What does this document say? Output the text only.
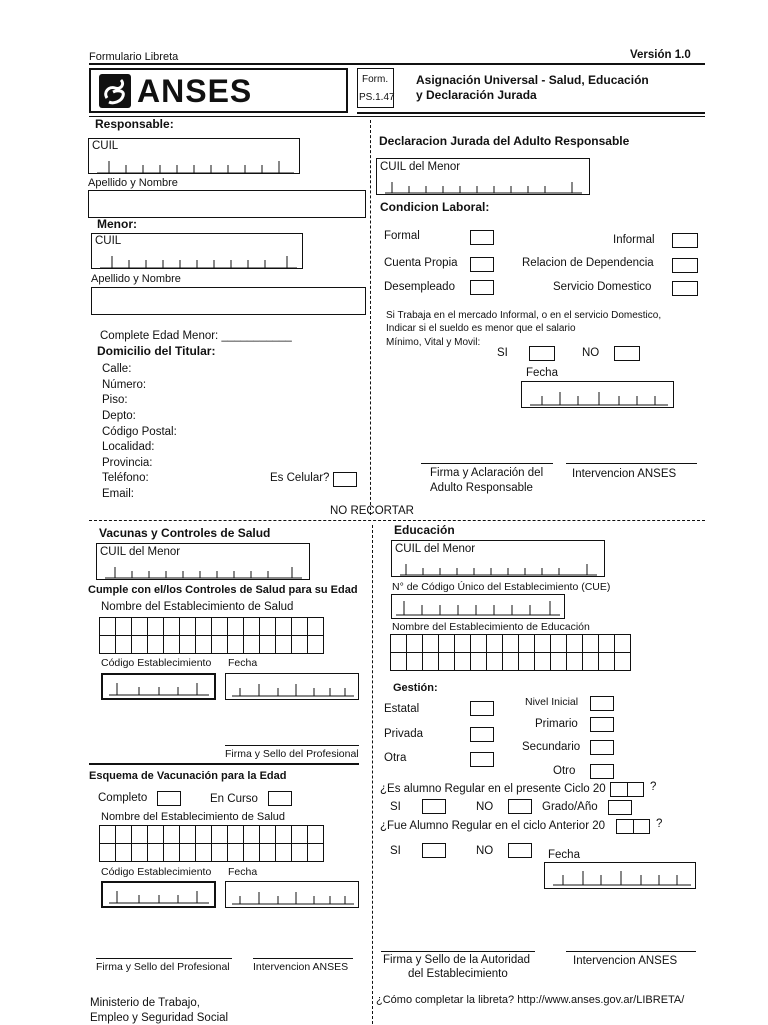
Formulario Libreta	Versión 1.0
ANSES	Form.
PS.1.47
Asignación Universal - Salud, Educación
y Declaración Jurada
NO RECORTAR
Responsable:
CUIL
Apellido y Nombre
Menor:
CUIL
Apellido y Nombre
Complete Edad Menor: ___________
Domicilio del Titular:
Calle:
Número:
Piso:
Depto:
Código Postal:
Localidad:
Provincia:
Teléfono:
Email:
Es Celular?
Declaracion Jurada del Adulto Responsable
CUIL del Menor
Condicion Laboral:
Formal	Informal
Cuenta Propia	Relacion de Dependencia
Desempleado	Servicio Domestico
Si Trabaja en el mercado Informal, o en el servicio Domestico,
Indicar si el sueldo es menor que el salario
Mínimo, Vital y Movil:
SI	NO
Fecha
Firma y Aclaración del
Adulto Responsable
Intervencion ANSES
Vacunas y Controles de Salud
CUIL del Menor
Cumple con el/los Controles de Salud para su Edad
Nombre del Establecimiento de Salud

Código Establecimiento Fecha
Firma y Sello del Profesional
Esquema de Vacunación para la Edad
Completo	En Curso
Nombre del Establecimiento de Salud

Código Establecimiento Fecha
Firma y Sello del Profesional Intervencion ANSES
Ministerio de Trabajo,
Empleo y Seguridad Social
Educación
CUIL del Menor
N° de Código Único del Establecimiento (CUE)
Nombre del Establecimiento de Educación

Gestión:
Estatal
Privada
Otra
Nivel Inicial
Primario
Secundario
Otro
¿Es alumno Regular en el presente Ciclo 20	?
SI	NO	Grado/Año
¿Fue Alumno Regular en el ciclo Anterior 20	?
SI	NO	Fecha
Firma y Sello de la Autoridad
del Establecimiento
Intervencion ANSES
¿Cómo completar la libreta? http://www.anses.gov.ar/LIBRETA/
